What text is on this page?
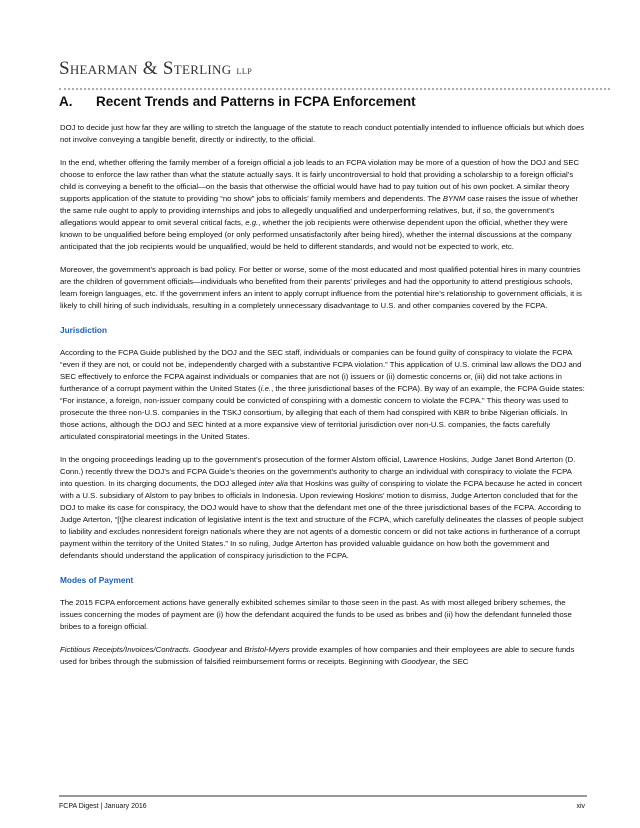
Shearman & Sterling LLP
A. Recent Trends and Patterns in FCPA Enforcement

DOJ to decide just how far they are willing to stretch the language of the statute to reach conduct potentially intended to influence officials but which does not involve conveying a tangible benefit, directly or indirectly, to the official.

In the end, whether offering the family member of a foreign official a job leads to an FCPA violation may be more of a question of how the DOJ and SEC choose to enforce the law rather than what the statute actually says. It is fairly uncontroversial to hold that providing a scholarship to a foreign official’s child is conveying a benefit to the official—on the basis that otherwise the official would have had to pay tuition out of his own pocket. A similar theory supports application of the statute to providing “no show” jobs to officials’ family members and dependents. The BYNM case raises the issue of whether the same rule ought to apply to providing internships and jobs to allegedly unqualified and underperforming relatives, but, if so, the government’s allegations would appear to omit several critical facts, e.g., whether the job recipients were otherwise dependent upon the official, whether they were known to be unqualified before being employed (or only performed unsatisfactorily after being hired), whether the internal discussions at the company anticipated that the job recipients would be unqualified, would be held to different standards, and would not be expected to work, etc.

Moreover, the government’s approach is bad policy. For better or worse, some of the most educated and most qualified potential hires in many countries are the children of government officials—individuals who benefited from their parents’ privileges and had the opportunity to attend prestigious schools, learn foreign languages, etc. If the government infers an intent to apply corrupt influence from the potential hire’s relationship to government officials, it is likely to chill hiring of such individuals, resulting in a completely unnecessary disadvantage to U.S. and other companies covered by the FCPA.

Jurisdiction

According to the FCPA Guide published by the DOJ and the SEC staff, individuals or companies can be found guilty of conspiracy to violate the FCPA “even if they are not, or could not be, independently charged with a substantive FCPA violation.” This application of U.S. criminal law allows the DOJ and SEC effectively to enforce the FCPA against individuals or companies that are not (i) issuers or (ii) domestic concerns or, (iii) did not take actions in furtherance of a corrupt payment within the United States (i.e., the three jurisdictional bases of the FCPA). By way of an example, the FCPA Guide states: “For instance, a foreign, non-issuer company could be convicted of conspiring with a domestic concern to violate the FCPA.” This theory was used to prosecute the three non-U.S. companies in the TSKJ consortium, by alleging that each of them had conspired with KBR to bribe Nigerian officials. In those actions, although the DOJ and SEC hinted at a more expansive view of territorial jurisdiction over non-U.S. companies, the facts carefully articulated conspiratorial meetings in the United States.

In the ongoing proceedings leading up to the government’s prosecution of the former Alstom official, Lawrence Hoskins, Judge Janet Bond Arterton (D. Conn.) recently threw the DOJ’s and FCPA Guide’s theories on the government’s authority to charge an individual with conspiracy to violate the FCPA into question. In its charging documents, the DOJ alleged inter alia that Hoskins was guilty of conspiring to violate the FCPA because he acted in concert with a U.S. subsidiary of Alstom to pay bribes to officials in Indonesia. Upon reviewing Hoskins’ motion to dismiss, Judge Arterton concluded that for the DOJ to make its case for conspiracy, the DOJ would have to show that the defendant met one of the three jurisdictional bases of the FCPA. According to Judge Arterton, “[t]he clearest indication of legislative intent is the text and structure of the FCPA, which carefully delineates the classes of people subject to liability and excludes nonresident foreign nationals where they are not agents of a domestic concern or did not take actions in furtherance of a corrupt payment within the territory of the United States.” In so ruling, Judge Arterton has provided valuable guidance on how both the government and defendants should understand the application of conspiracy jurisdiction to the FCPA.

Modes of Payment

The 2015 FCPA enforcement actions have generally exhibited schemes similar to those seen in the past. As with most alleged bribery schemes, the issues concerning the modes of payment are (i) how the defendant acquired the funds to be used as bribes and (ii) how the defendant funneled those bribes to a foreign official.

Fictitious Receipts/Invoices/Contracts. Goodyear and Bristol-Myers provide examples of how companies and their employees are able to secure funds used for bribes through the submission of falsified reimbursement forms or receipts. Beginning with Goodyear, the SEC

FCPA Digest | January 2016	xiv
